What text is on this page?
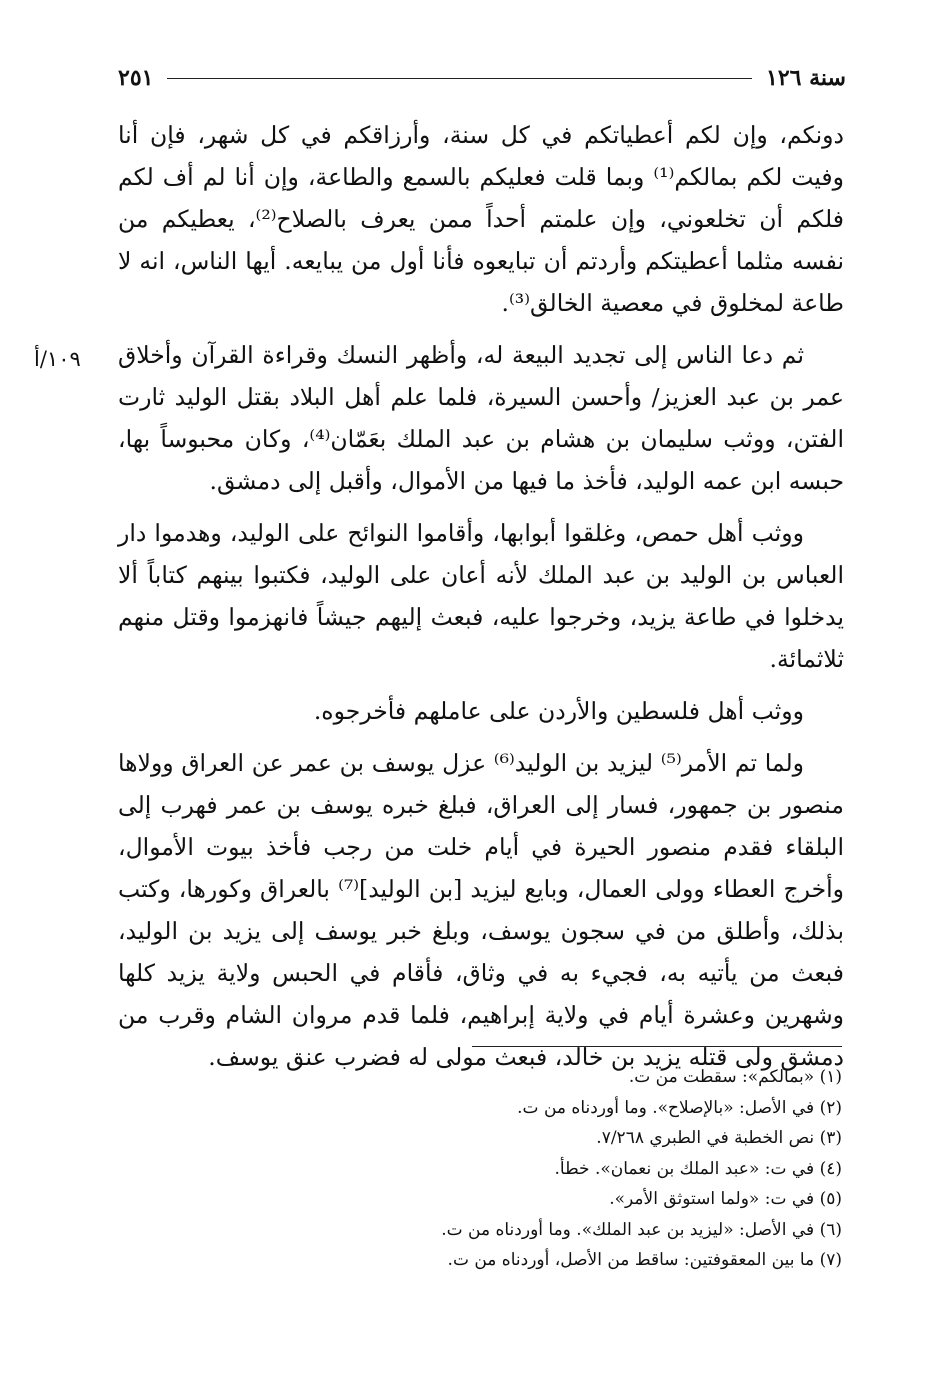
سنة ١٢٦
٢٥١
١٠٩/أ

دونكم، وإن لكم أعطياتكم في كل سنة، وأرزاقكم في كل شهر، فإن أنا وفيت لكم بمالكم⁽¹⁾ وبما قلت فعليكم بالسمع والطاعة، وإن أنا لم أف لكم فلكم أن تخلعوني، وإن علمتم أحداً ممن يعرف بالصلاح⁽²⁾، يعطيكم من نفسه مثلما أعطيتكم وأردتم أن تبايعوه فأنا أول من يبايعه. أيها الناس، انه لا طاعة لمخلوق في معصية الخالق⁽³⁾.

ثم دعا الناس إلى تجديد البيعة له، وأظهر النسك وقراءة القرآن وأخلاق عمر بن عبد العزيز/ وأحسن السيرة، فلما علم أهل البلاد بقتل الوليد ثارت الفتن، ووثب سليمان بن هشام بن عبد الملك بعَمّان⁽⁴⁾، وكان محبوساً بها، حبسه ابن عمه الوليد، فأخذ ما فيها من الأموال، وأقبل إلى دمشق.

ووثب أهل حمص، وغلقوا أبوابها، وأقاموا النوائح على الوليد، وهدموا دار العباس بن الوليد بن عبد الملك لأنه أعان على الوليد، فكتبوا بينهم كتاباً ألا يدخلوا في طاعة يزيد، وخرجوا عليه، فبعث إليهم جيشاً فانهزموا وقتل منهم ثلاثمائة.

ووثب أهل فلسطين والأردن على عاملهم فأخرجوه.

ولما تم الأمر⁽⁵⁾ ليزيد بن الوليد⁽⁶⁾ عزل يوسف بن عمر عن العراق وولاها منصور بن جمهور، فسار إلى العراق، فبلغ خبره يوسف بن عمر فهرب إلى البلقاء فقدم منصور الحيرة في أيام خلت من رجب فأخذ بيوت الأموال، وأخرج العطاء وولى العمال، وبايع ليزيد [بن الوليد]⁽⁷⁾ بالعراق وكورها، وكتب بذلك، وأطلق من في سجون يوسف، وبلغ خبر يوسف إلى يزيد بن الوليد، فبعث من يأتيه به، فجيء به في وثاق، فأقام في الحبس ولاية يزيد كلها وشهرين وعشرة أيام في ولاية إبراهيم، فلما قدم مروان الشام وقرب من دمشق ولى قتله يزيد بن خالد، فبعث مولى له فضرب عنق يوسف.

(١) «بمالكم»: سقطت من ت.
(٢) في الأصل: «بالإصلاح». وما أوردناه من ت.
(٣) نص الخطبة في الطبري ٧/٢٦٨.
(٤) في ت: «عبد الملك بن نعمان». خطأ.
(٥) في ت: «ولما استوثق الأمر».
(٦) في الأصل: «ليزيد بن عبد الملك». وما أوردناه من ت.
(٧) ما بين المعقوفتين: ساقط من الأصل، أوردناه من ت.
